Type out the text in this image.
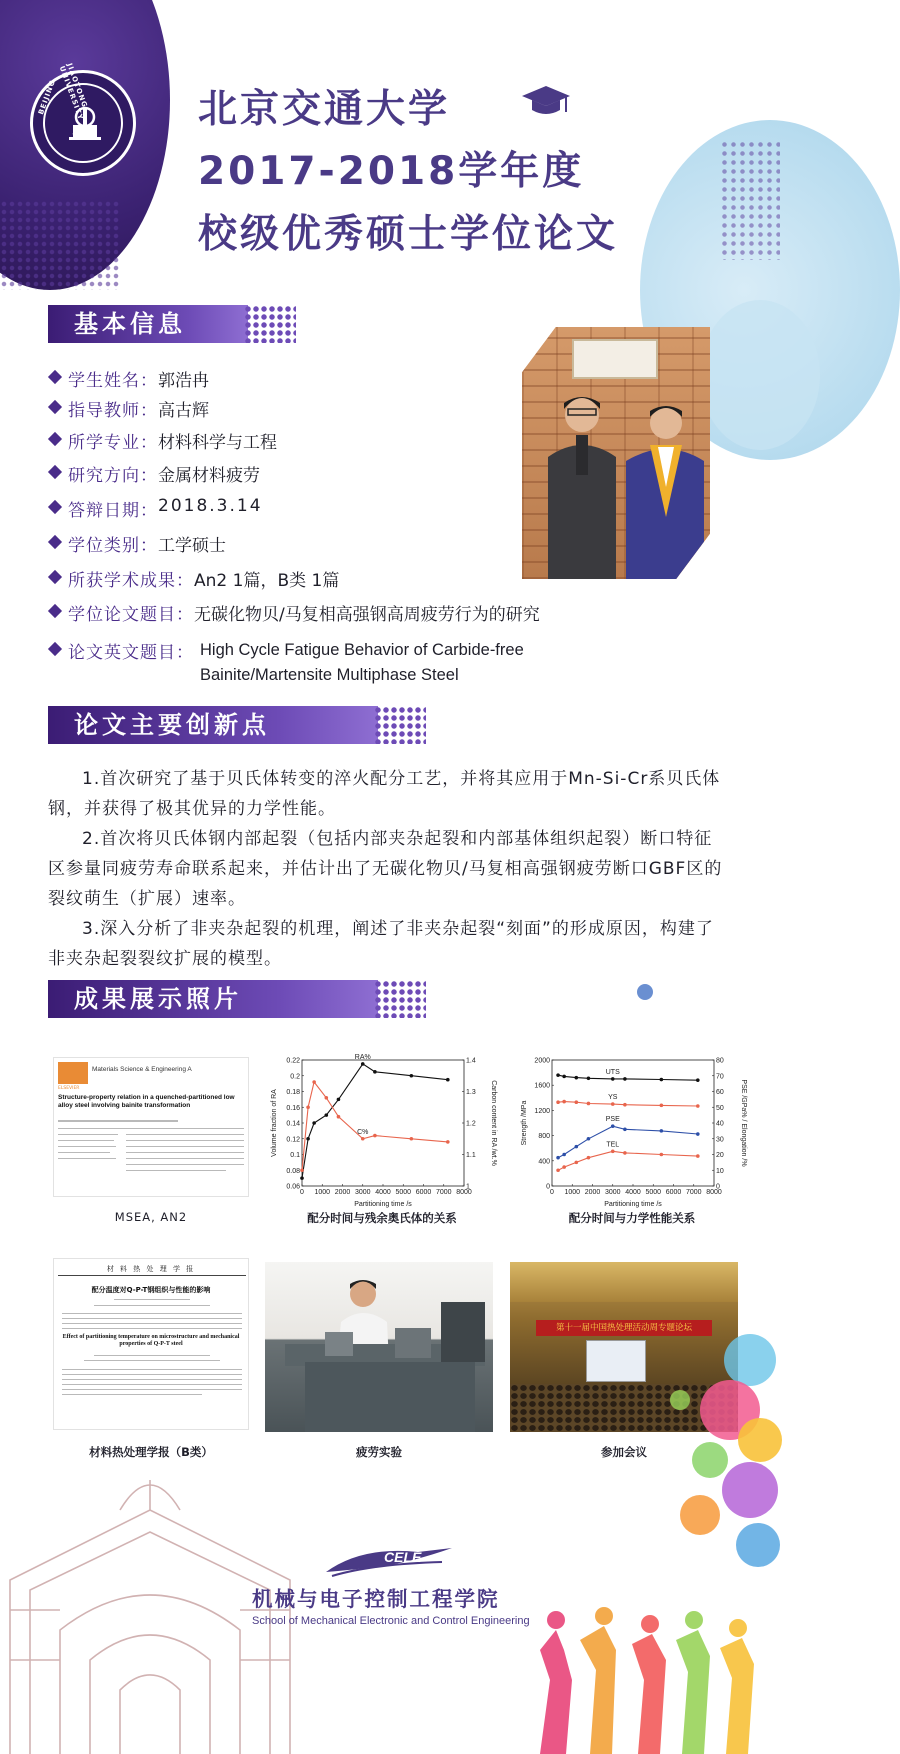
1896
BEIJING	JIAOTONG UNIVERSITY	北京交通大学
2017-2018学年度
校级优秀硕士学位论文
基本信息
学生姓名： 郭浩冉
指导教师： 高古辉
所学专业： 材料科学与工程
研究方向： 金属材料疲劳
答辩日期： 2018.3.14
学位类别： 工学硕士
所获学术成果： An2 1篇，B类 1篇
学位论文题目： 无碳化物贝/马复相高强钢高周疲劳行为的研究
论文英文题目： High Cycle Fatigue Behavior of Carbide-free Bainite/Martensite Multiphase Steel
论文主要创新点

1.首次研究了基于贝氏体转变的淬火配分工艺，并将其应用于Mn-Si-Cr系贝氏体钢，并获得了极其优异的力学性能。

2.首次将贝氏体钢内部起裂（包括内部夹杂起裂和内部基体组织起裂）断口特征区参量同疲劳寿命联系起来，并估计出了无碳化物贝/马复相高强钢疲劳断口GBF区的裂纹萌生（扩展）速率。

3.深入分析了非夹杂起裂的机理，阐述了非夹杂起裂“刻面”的形成原因，构建了非夹杂起裂裂纹扩展的模型。

成果展示照片
Materials Science & Engineering A
ELSEVIER
Structure-property relation in a quenched-partitioned low alloy steel involving bainite transformation
MSEA, AN2
0 1000 2000 3000 4000 5000 6000 7000 8000
0.06
0.08
0.1
0.12
0.14
0.16
0.18
0.2
0.22
1
1.1
1.2
1.3
1.4
Partitioning time /s
Volume fraction of RA	Carbon content in RA /wt.%
RA%
C%
配分时间与残余奥氏体的关系
0 1000 2000 3000 4000 5000 6000 7000 8000
0
400
800
1200
1600
2000
0
10
20
30
40
50
60
70
80
Partitioning time /s
Strength /MPa	PSE /GPa% / Elongation /%
UTS
YS
PSE
TEL
配分时间与力学性能关系
材 料 热 处 理 学 报
配分温度对Q-P-T钢组织与性能的影响
Effect of partitioning temperature on microstructure and mechanical properties of Q-P-T steel
材料热处理学报（B类）	疲劳实验
第十一届中国热处理活动周专题论坛
参加会议
CELE
机械与电子控制工程学院
School of Mechanical Electronic and Control Engineering
